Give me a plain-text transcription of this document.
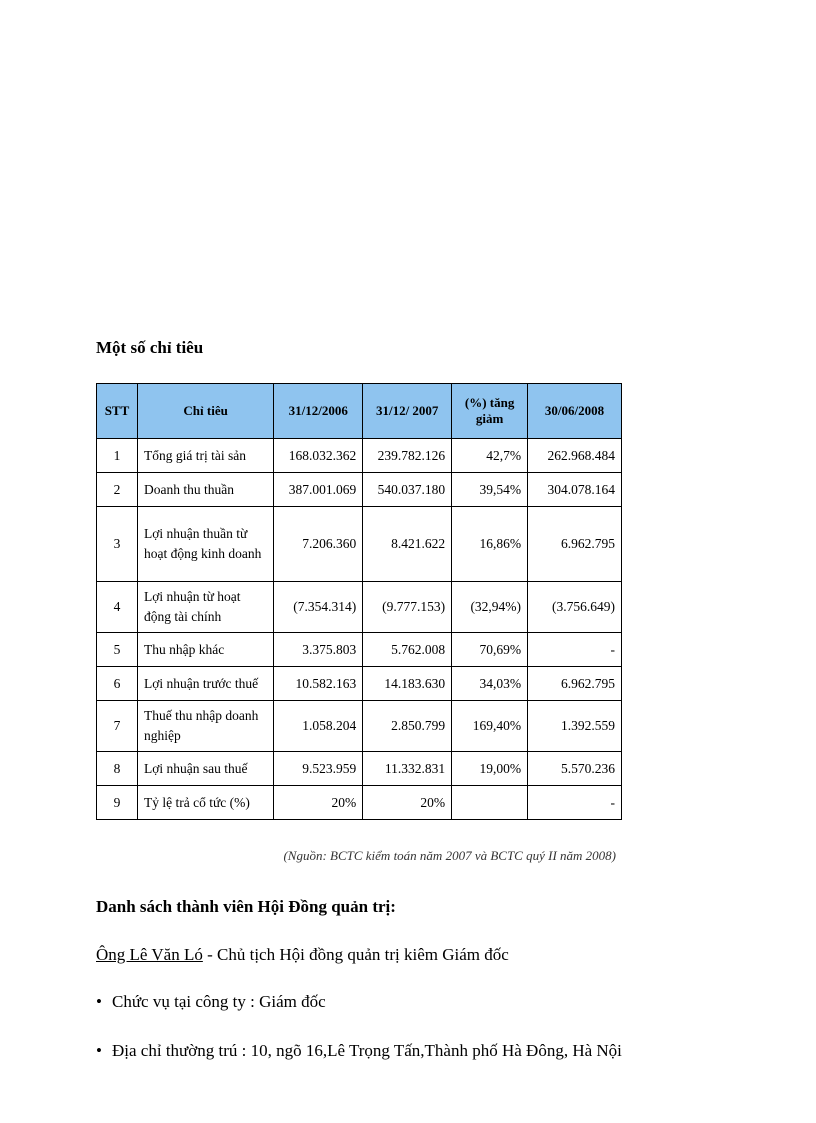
Một số chỉ tiêu
STT	Chỉ tiêu	31/12/2006	31/12/ 2007	(%) tăng giảm	30/06/2008
1	Tổng giá trị tài sản	168.032.362	239.782.126	42,7%	262.968.484
2	Doanh thu thuần	387.001.069	540.037.180	39,54%	304.078.164
3	Lợi nhuận thuần từ hoạt động kinh doanh	7.206.360	8.421.622	16,86%	6.962.795
4	Lợi nhuận từ hoạt động tài chính	(7.354.314)	(9.777.153)	(32,94%)	(3.756.649)
5	Thu nhập khác	3.375.803	5.762.008	70,69%	-
6	Lợi nhuận trước thuế	10.582.163	14.183.630	34,03%	6.962.795
7	Thuế thu nhập doanh nghiệp	1.058.204	2.850.799	169,40%	1.392.559
8	Lợi nhuận sau thuế	9.523.959	11.332.831	19,00%	5.570.236
9	Tỷ lệ trả cổ tức (%)	20%	20%		-
(Nguồn: BCTC kiểm toán năm 2007 và BCTC quý II năm 2008)
Danh sách thành viên Hội Đồng quản trị:
Ông Lê Văn Ló - Chủ tịch Hội đồng quản trị kiêm Giám đốc
• Chức vụ tại công ty : Giám đốc
• Địa chỉ thường trú : 10, ngõ 16,Lê Trọng Tấn,Thành phố Hà Đông, Hà Nội
